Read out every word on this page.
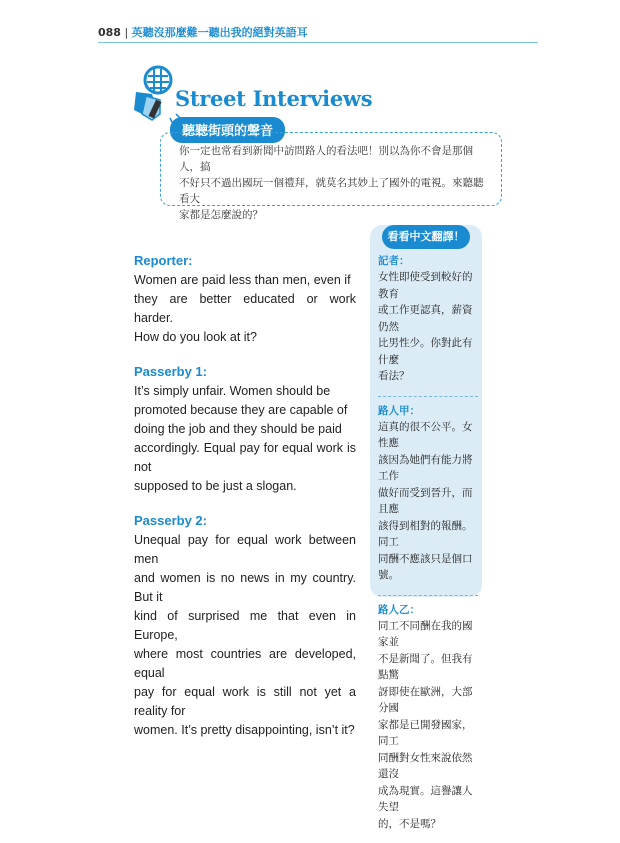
088 | 英聽沒那麼難一聽出我的絕對英語耳
Street Interviews
聽聽街頭的聲音
你一定也常看到新聞中訪問路人的看法吧！別以為你不會是那個人，搞
不好只不過出國玩一個禮拜，就莫名其妙上了國外的電視。來聽聽看大
家都是怎麼說的？
Reporter:
Women are paid less than men, even if
they are better educated or work harder.
How do you look at it?
Passerby 1:
It’s simply unfair. Women should be
promoted because they are capable of
doing the job and they should be paid
accordingly. Equal pay for equal work is not
supposed to be just a slogan.
Passerby 2:
Unequal pay for equal work between men
and women is no news in my country. But it
kind of surprised me that even in Europe,
where most countries are developed, equal
pay for equal work is still not yet a reality for
women. It’s pretty disappointing, isn’t it?
看看中文翻譯！
記者：
女性即使受到較好的教育
或工作更認真，薪資仍然
比男性少。你對此有什麼
看法？
路人甲：
這真的很不公平。女性應
該因為她們有能力將工作
做好而受到晉升，而且應
該得到相對的報酬。同工
同酬不應該只是個口號。
路人乙：
同工不同酬在我的國家並
不是新聞了。但我有點驚
訝即使在歐洲，大部分國
家都是已開發國家，同工
同酬對女性來說依然還沒
成為現實。這譽讓人失望
的，不是嗎？
